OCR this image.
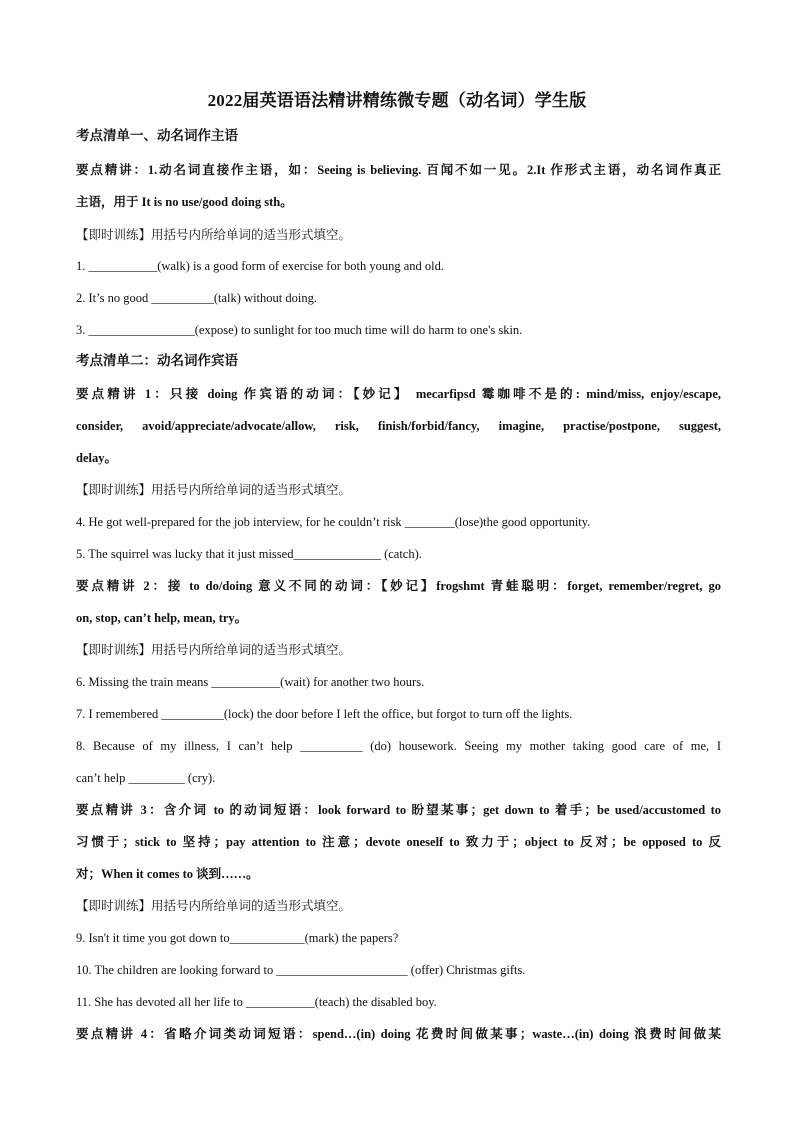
2022届英语语法精讲精练微专题（动名词）学生版
考点清单一、动名词作主语
要点精讲：1.动名词直接作主语，如：Seeing is believing. 百闻不如一见。2.It 作形式主语，动名词作真正
主语，用于 It is no use/good doing sth。
【即时训练】用括号内所给单词的适当形式填空。
1. ___________(walk) is a good form of exercise for both young and old.
2. It’s no good __________(talk) without doing.
3. _________________(expose) to sunlight for too much time will do harm to one's skin.
考点清单二：动名词作宾语
要点精讲 1：只接 doing 作宾语的动词：【妙记】 mecarfipsd 霉咖啡不是的: mind/miss, enjoy/escape,
consider, avoid/appreciate/advocate/allow, risk, finish/forbid/fancy, imagine, practise/postpone, suggest,
delay。
【即时训练】用括号内所给单词的适当形式填空。
4. He got well-prepared for the job interview, for he couldn’t risk ________(lose)the good opportunity.
5. The squirrel was lucky that it just missed______________ (catch).
要点精讲 2：接 to do/doing 意义不同的动词：【妙记】frogshmt 青蛙聪明：forget, remember/regret, go
on, stop, can’t help, mean, try。
【即时训练】用括号内所给单词的适当形式填空。
6. Missing the train means ___________(wait) for another two hours.
7. I remembered __________(lock) the door before I left the office, but forgot to turn off the lights.
8. Because of my illness, I can’t help __________ (do) housework. Seeing my mother taking good care of me, I
can’t help _________ (cry).
要点精讲 3：含介词 to 的动词短语：look forward to 盼望某事；get down to 着手；be used/accustomed to
习惯于；stick to 坚持；pay attention to 注意；devote oneself to 致力于；object to 反对；be opposed to 反
对；When it comes to 谈到……。
【即时训练】用括号内所给单词的适当形式填空。
9. Isn't it time you got down to____________(mark) the papers?
10. The children are looking forward to _____________________ (offer) Christmas gifts.
11. She has devoted all her life to ___________(teach) the disabled boy.
要点精讲 4：省略介词类动词短语：spend…(in) doing 花费时间做某事；waste…(in) doing 浪费时间做某
